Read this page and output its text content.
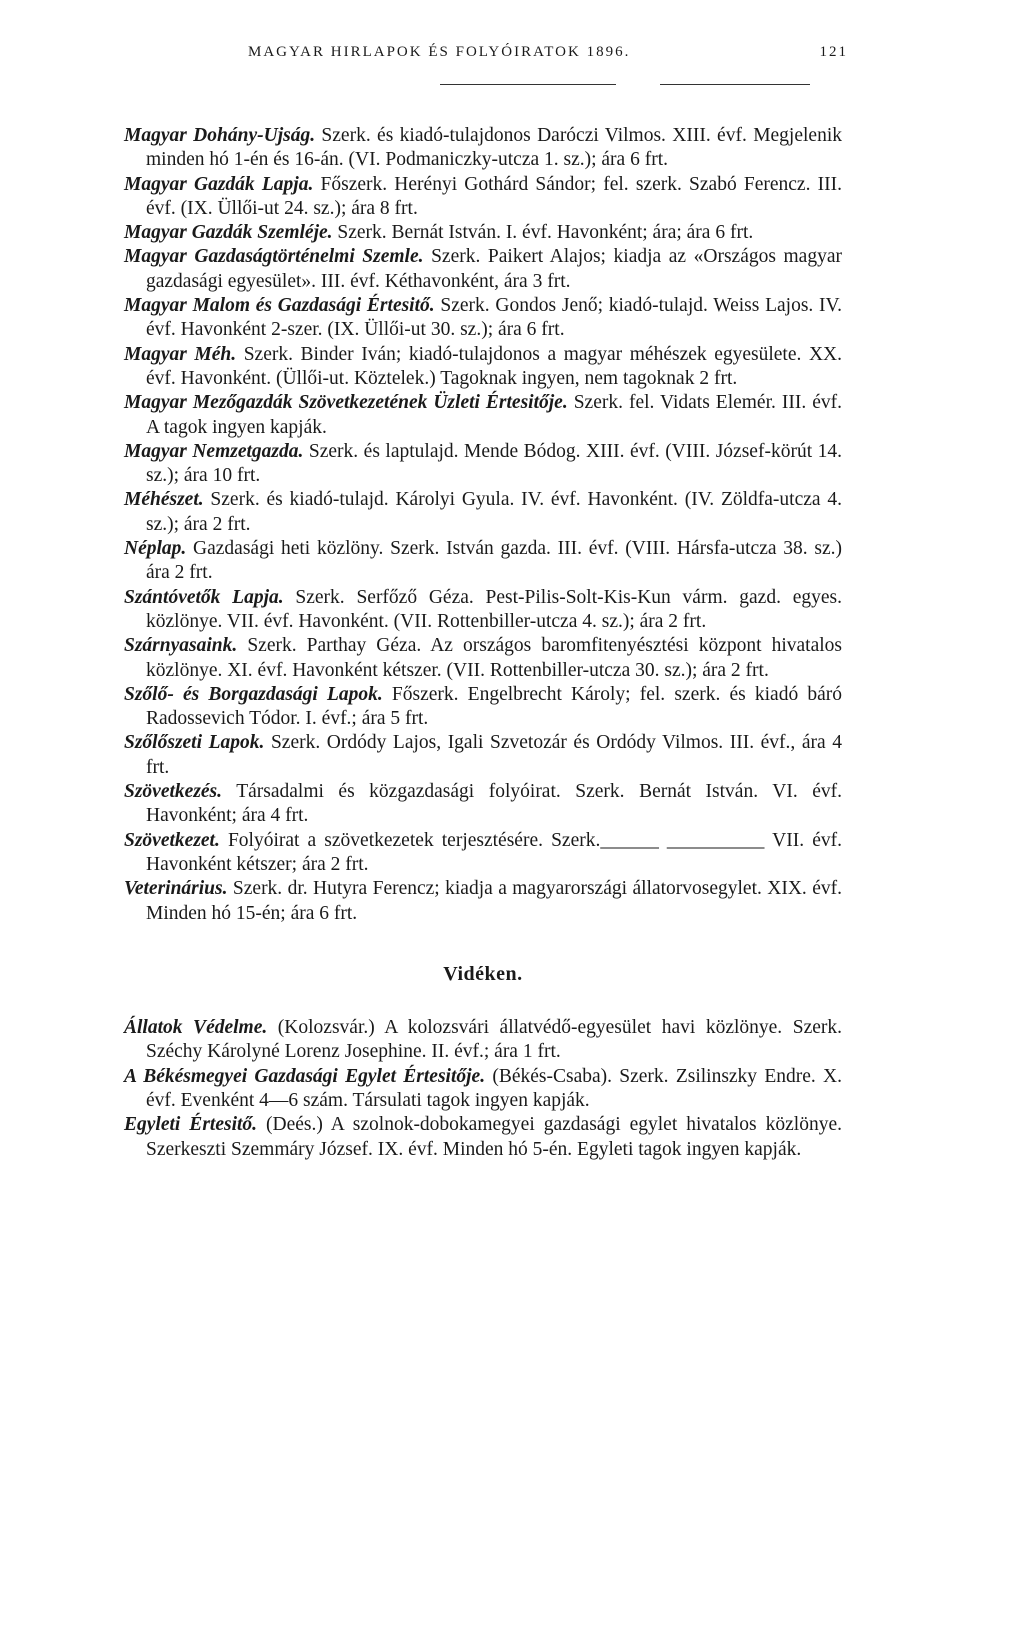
MAGYAR HIRLAPOK ÉS FOLYÓIRATOK 1896.	121

Magyar Dohány-Ujság. Szerk. és kiadó-tulajdonos Daróczi Vilmos. XIII. évf. Megjelenik minden hó 1-én és 16-án. (VI. Podmaniczky-utcza 1. sz.); ára 6 frt.

Magyar Gazdák Lapja. Főszerk. Herényi Gothárd Sándor; fel. szerk. Szabó Ferencz. III. évf. (IX. Üllői-ut 24. sz.); ára 8 frt.

Magyar Gazdák Szemléje. Szerk. Bernát István. I. évf. Havonként; ára; ára 6 frt.

Magyar Gazdaságtörténelmi Szemle. Szerk. Paikert Alajos; kiadja az «Országos magyar gazdasági egyesület». III. évf. Kéthavonként, ára 3 frt.

Magyar Malom és Gazdasági Értesitő. Szerk. Gondos Jenő; kiadó-tulajd. Weiss Lajos. IV. évf. Havonként 2-szer. (IX. Üllői-ut 30. sz.); ára 6 frt.

Magyar Méh. Szerk. Binder Iván; kiadó-tulajdonos a magyar méhészek egyesülete. XX. évf. Havonként. (Üllői-ut. Köztelek.) Tagoknak ingyen, nem tagoknak 2 frt.

Magyar Mezőgazdák Szövetkezetének Üzleti Értesitője. Szerk. fel. Vidats Elemér. III. évf. A tagok ingyen kapják.

Magyar Nemzetgazda. Szerk. és laptulajd. Mende Bódog. XIII. évf. (VIII. József-körút 14. sz.); ára 10 frt.

Méhészet. Szerk. és kiadó-tulajd. Károlyi Gyula. IV. évf. Havonként. (IV. Zöldfa-utcza 4. sz.); ára 2 frt.

Néplap. Gazdasági heti közlöny. Szerk. István gazda. III. évf. (VIII. Hársfa-utcza 38. sz.) ára 2 frt.

Szántóvetők Lapja. Szerk. Serfőző Géza. Pest-Pilis-Solt-Kis-Kun várm. gazd. egyes. közlönye. VII. évf. Havonként. (VII. Rottenbiller-utcza 4. sz.); ára 2 frt.

Szárnyasaink. Szerk. Parthay Géza. Az országos baromfitenyésztési központ hivatalos közlönye. XI. évf. Havonként kétszer. (VII. Rottenbiller-utcza 30. sz.); ára 2 frt.

Szőlő- és Borgazdasági Lapok. Főszerk. Engelbrecht Károly; fel. szerk. és kiadó báró Radossevich Tódor. I. évf.; ára 5 frt.

Szőlőszeti Lapok. Szerk. Ordódy Lajos, Igali Szvetozár és Ordódy Vilmos. III. évf., ára 4 frt.

Szövetkezés. Társadalmi és közgazdasági folyóirat. Szerk. Bernát István. VI. évf. Havonként; ára 4 frt.

Szövetkezet. Folyóirat a szövetkezetek terjesztésére. Szerk.______ __________ VII. évf. Havonként kétszer; ára 2 frt.

Veterinárius. Szerk. dr. Hutyra Ferencz; kiadja a magyarországi állatorvosegylet. XIX. évf. Minden hó 15-én; ára 6 frt.

Vidéken.

Állatok Védelme. (Kolozsvár.) A kolozsvári állatvédő-egyesület havi közlönye. Szerk. Széchy Károlyné Lorenz Josephine. II. évf.; ára 1 frt.

A Békésmegyei Gazdasági Egylet Értesitője. (Békés-Csaba). Szerk. Zsilinszky Endre. X. évf. Evenként 4—6 szám. Társulati tagok ingyen kapják.

Egyleti Értesitő. (Deés.) A szolnok-dobokamegyei gazdasági egylet hivatalos közlönye. Szerkeszti Szemmáry József. IX. évf. Minden hó 5-én. Egyleti tagok ingyen kapják.
